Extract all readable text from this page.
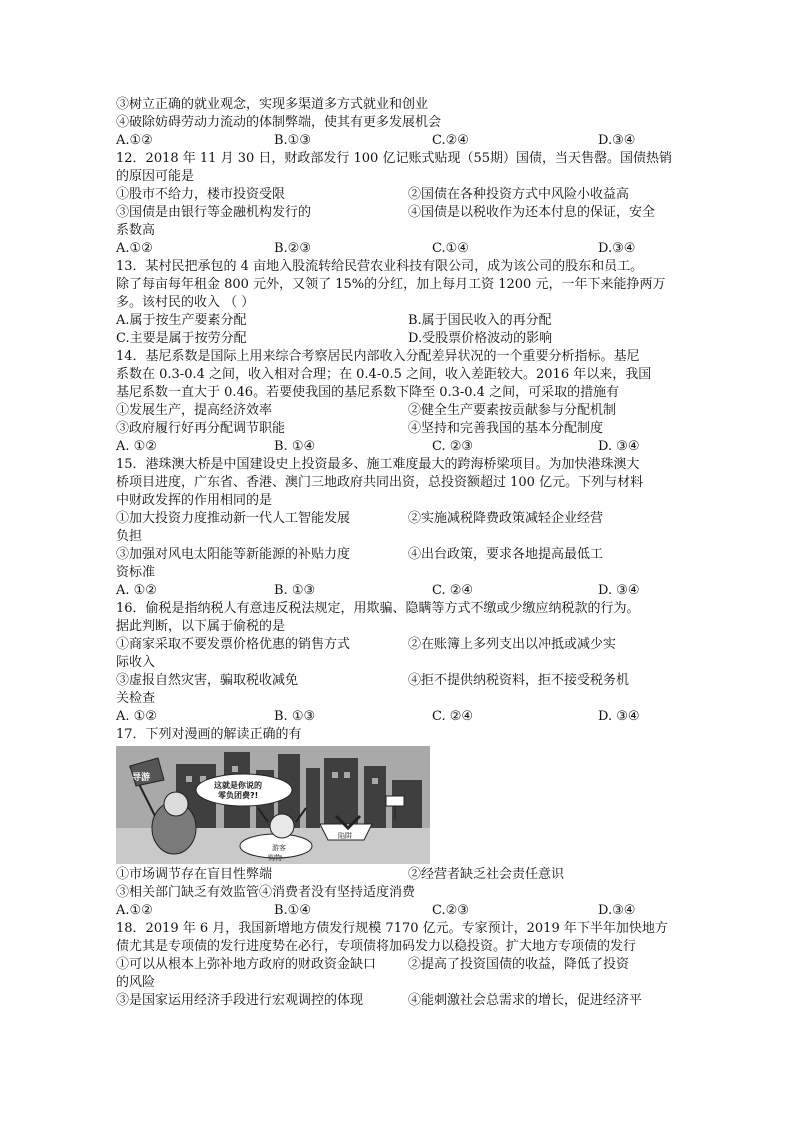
③树立正确的就业观念，实现多渠道多方式就业和创业
④破除妨碍劳动力流动的体制弊端，使其有更多发展机会
A.①②	B.①③	C.②④	D.③④
12．2018 年 11 月 30 日，财政部发行 100 亿记账式贴现（55期）国债，当天售罄。国债热销
的原因可能是
①股市不给力，楼市投资受限	②国债在各种投资方式中风险小收益高
③国债是由银行等金融机构发行的	④国债是以税收作为还本付息的保证，安全
系数高
A.①②	B.②③	C.①④	D.③④
13．某村民把承包的 4 亩地入股流转给民营农业科技有限公司，成为该公司的股东和员工。
除了每亩每年租金 800 元外，又领了 15%的分红，加上每月工资 1200 元，一年下来能挣两万
多。该村民的收入 （ ）
A.属于按生产要素分配	B.属于国民收入的再分配
C.主要是属于按劳分配	D.受股票价格波动的影响
14．基尼系数是国际上用来综合考察居民内部收入分配差异状况的一个重要分析指标。基尼
系数在 0.3-0.4 之间，收入相对合理；在 0.4-0.5 之间，收入差距较大。2016 年以来，我国
基尼系数一直大于 0.46。若要使我国的基尼系数下降至 0.3-0.4 之间，可采取的措施有
①发展生产，提高经济效率	②健全生产要素按贡献参与分配机制
③政府履行好再分配调节职能	④坚持和完善我国的基本分配制度
A. ①②	B. ①④	C. ②③	D. ③④
15．港珠澳大桥是中国建设史上投资最多、施工难度最大的跨海桥梁项目。为加快港珠澳大
桥项目进度，广东省、香港、澳门三地政府共同出资，总投资额超过 100 亿元。下列与材料
中财政发挥的作用相同的是
①加大投资力度推动新一代人工智能发展	②实施减税降费政策减轻企业经营
负担
③加强对风电太阳能等新能源的补贴力度	④出台政策，要求各地提高最低工
资标准
A. ①②	B. ①③	C. ②④	D. ③④
16．偷税是指纳税人有意违反税法规定，用欺骗、隐瞒等方式不缴或少缴应纳税款的行为。
据此判断，以下属于偷税的是
①商家采取不要发票价格优惠的销售方式	②在账簿上多列支出以冲抵或减少实
际收入
③虚报自然灾害，骗取税收减免	④拒不提供纳税资料，拒不接受税务机
关检查
A. ①②	B. ①③	C. ②④	D. ③④
17．下列对漫画的解读正确的有
导游
这就是你说的
零负团费?!
游客
购物
陷阱
①市场调节存在盲目性弊端	②经营者缺乏社会责任意识
③相关部门缺乏有效监管④消费者没有坚持适度消费
A.①②	B.①④	C.②③	D.③④
18．2019 年 6 月，我国新增地方债发行规模 7170 亿元。专家预计，2019 年下半年加快地方
债尤其是专项债的发行进度势在必行，专项债将加码发力以稳投资。扩大地方专项债的发行
①可以从根本上弥补地方政府的财政资金缺口	②提高了投资国债的收益，降低了投资
的风险
③是国家运用经济手段进行宏观调控的体现	④能刺激社会总需求的增长，促进经济平
